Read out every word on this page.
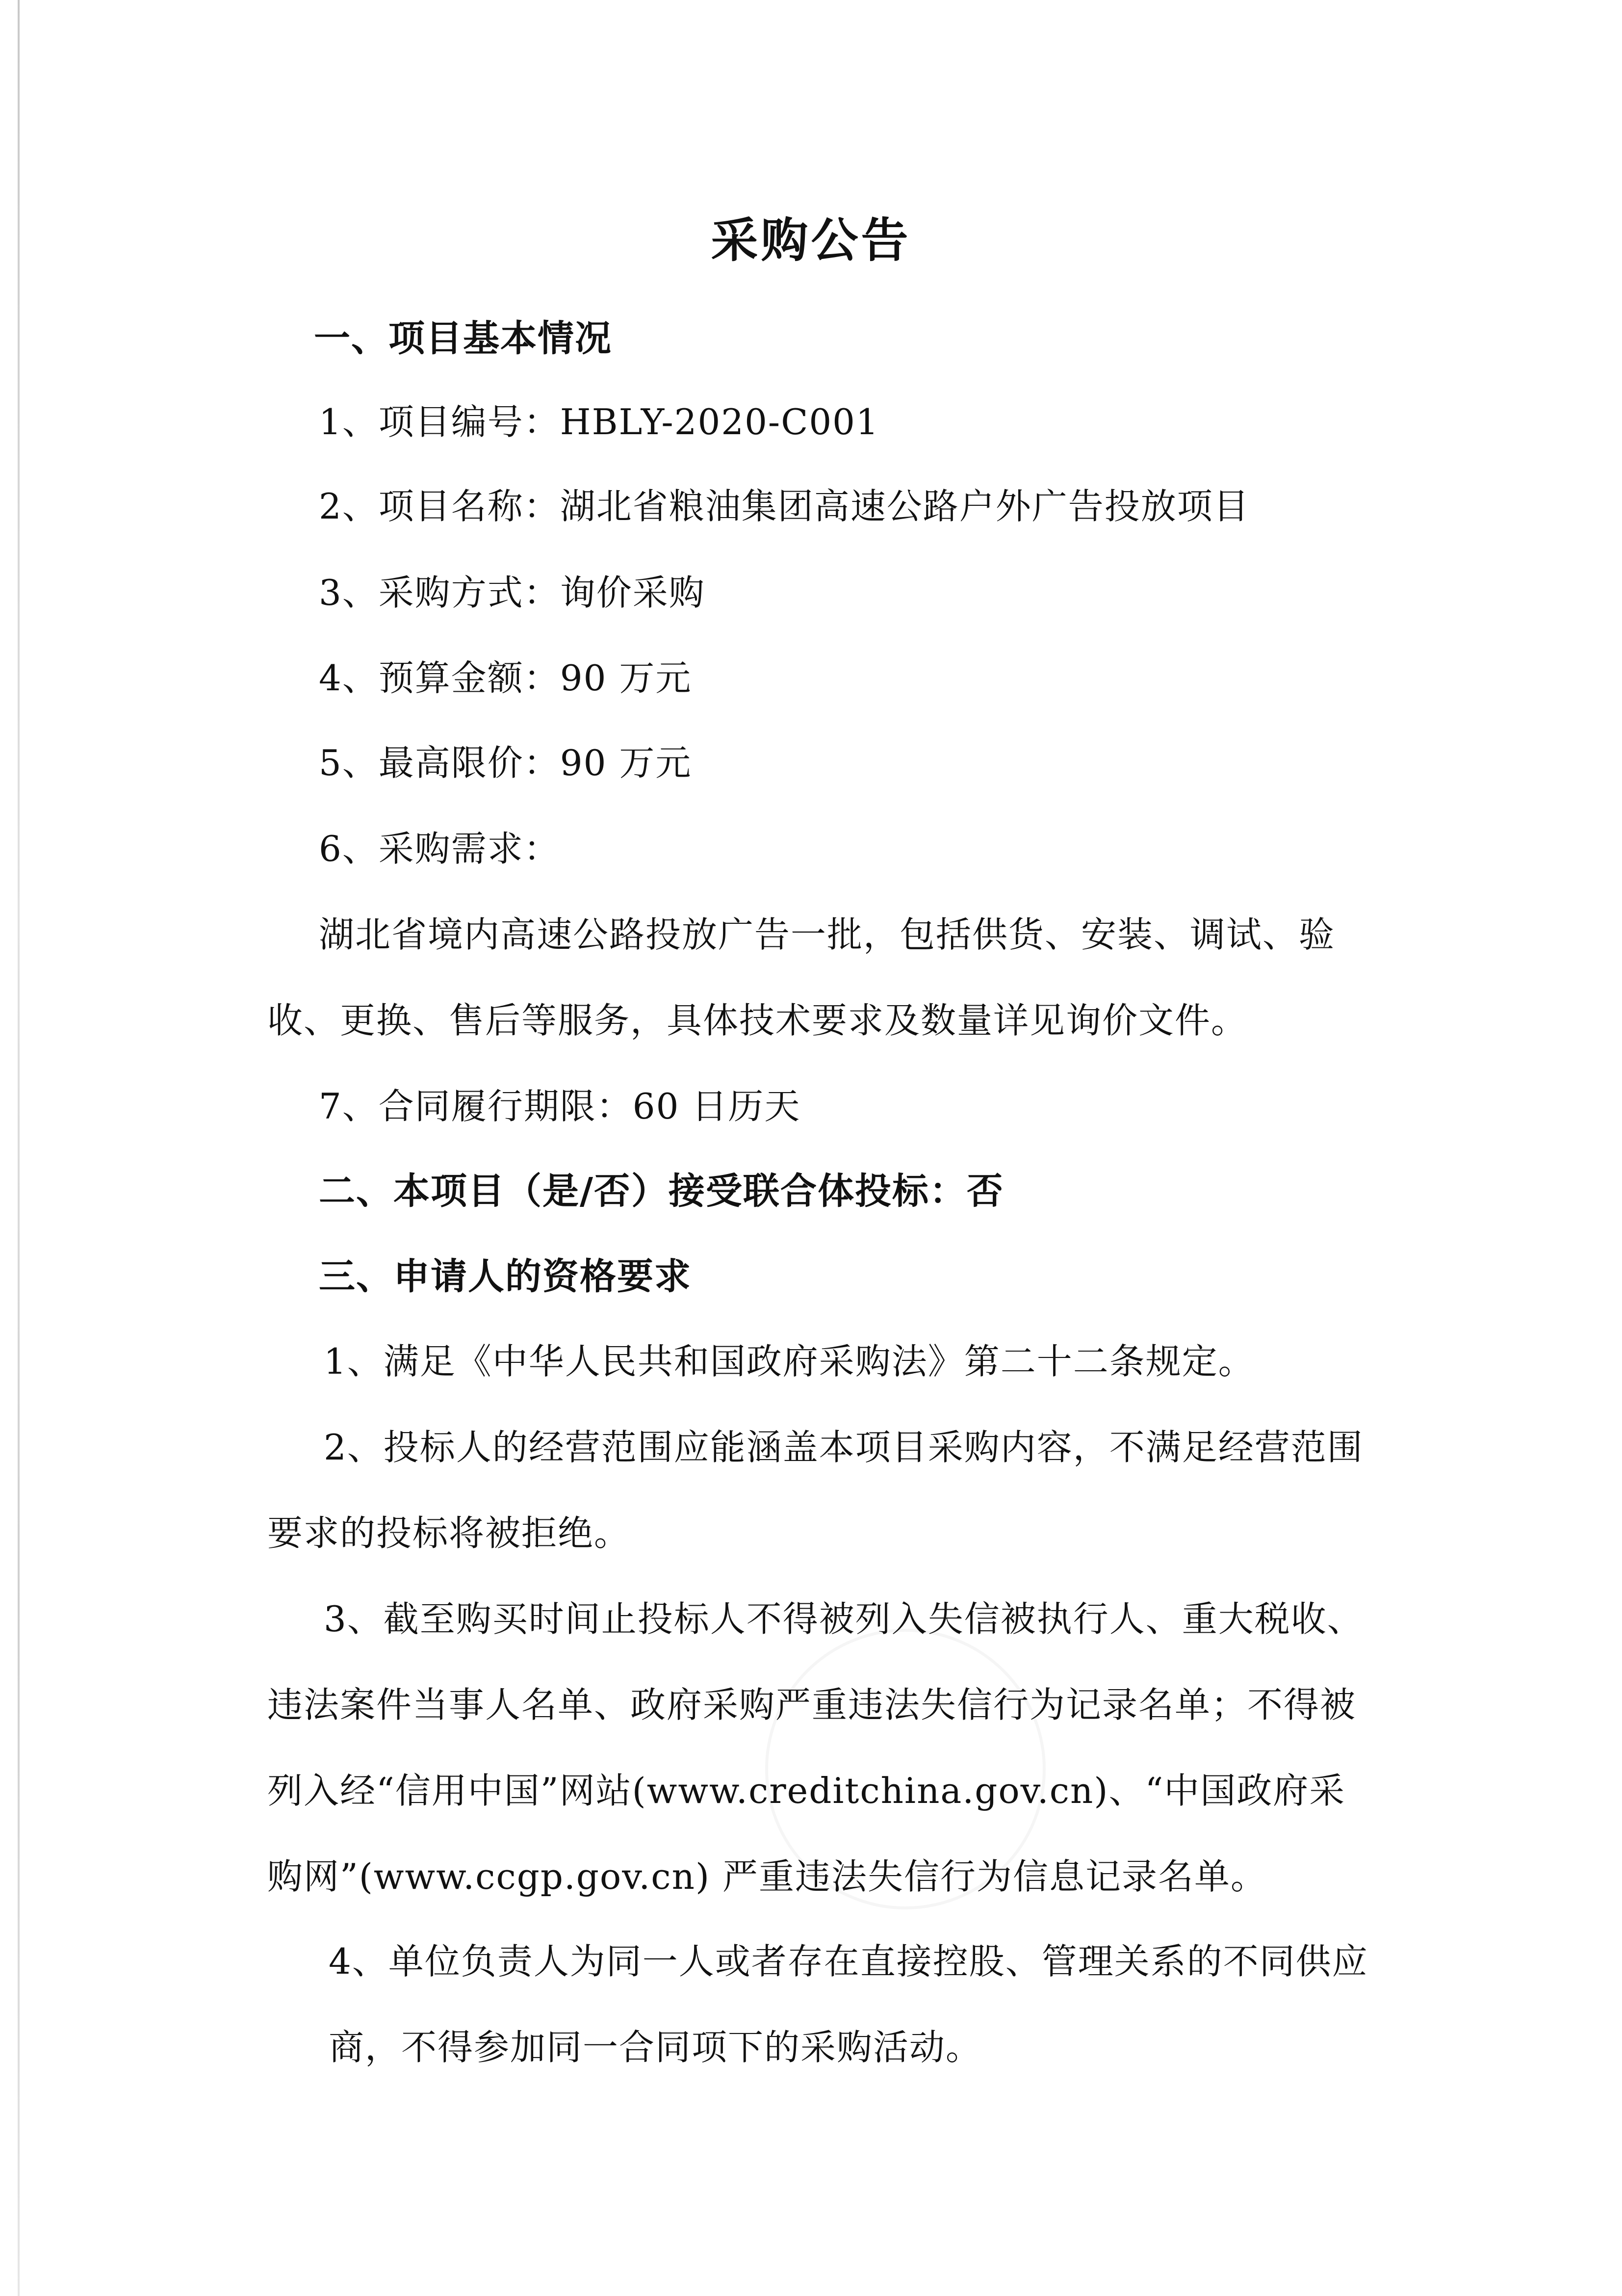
采购公告
一、项目基本情况
1、项目编号：HBLY-2020-C001
2、项目名称：湖北省粮油集团高速公路户外广告投放项目
3、采购方式：询价采购
4、预算金额：90 万元
5、最高限价：90 万元
6、采购需求：
湖北省境内高速公路投放广告一批，包括供货、安装、调试、验
收、更换、售后等服务，具体技术要求及数量详见询价文件。
7、合同履行期限：60 日历天
二、本项目（是/否）接受联合体投标：否
三、申请人的资格要求
1、满足《中华人民共和国政府采购法》第二十二条规定。
2、投标人的经营范围应能涵盖本项目采购内容，不满足经营范围
要求的投标将被拒绝。
3、截至购买时间止投标人不得被列入失信被执行人、重大税收、
违法案件当事人名单、政府采购严重违法失信行为记录名单；不得被
列入经“信用中国”网站(www.creditchina.gov.cn)、“中国政府采
购网”(www.ccgp.gov.cn) 严重违法失信行为信息记录名单。
4、单位负责人为同一人或者存在直接控股、管理关系的不同供应
商，不得参加同一合同项下的采购活动。
